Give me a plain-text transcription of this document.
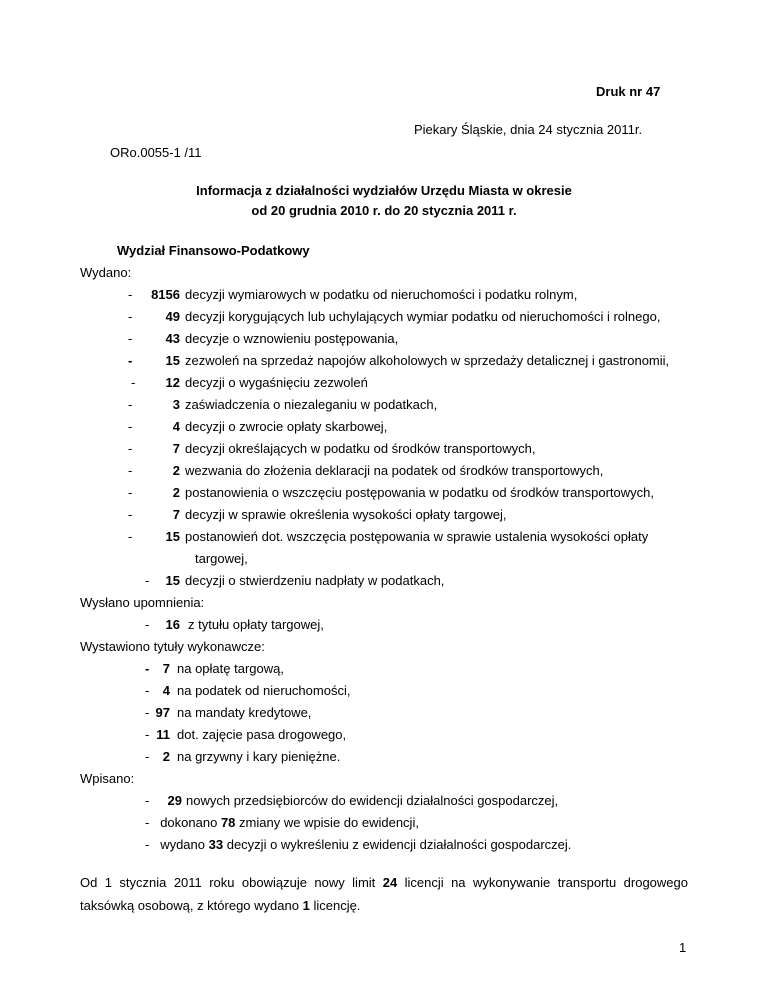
Druk nr 47
Piekary Śląskie, dnia 24 stycznia 2011r.
ORo.0055-1 /11
Informacja z działalności wydziałów Urzędu Miasta w okresie
od 20 grudnia 2010 r. do 20 stycznia 2011 r.
Wydział Finansowo-Podatkowy
Wydano:
-	8156 decyzji wymiarowych w podatku od nieruchomości i podatku rolnym,
-	49 decyzji korygujących lub uchylających wymiar podatku od nieruchomości i rolnego,
-	43 decyzje o wznowieniu postępowania,
-	15 zezwoleń na sprzedaż napojów alkoholowych w sprzedaży detalicznej i gastronomii,
-	12 decyzji o wygaśnięciu zezwoleń
-	3 zaświadczenia o niezaleganiu w podatkach,
-	4 decyzji o zwrocie opłaty skarbowej,
-	7 decyzji określających w podatku od środków transportowych,
-	2 wezwania do złożenia deklaracji na podatek od środków transportowych,
-	2 postanowienia o wszczęciu postępowania w podatku od środków transportowych,
-	7 decyzji w sprawie określenia wysokości opłaty targowej,
-	15 postanowień dot. wszczęcia postępowania w sprawie ustalenia wysokości opłaty
targowej,
-	15 decyzji o stwierdzeniu nadpłaty w podatkach,
Wysłano upomnienia:
-	16 z tytułu opłaty targowej,
Wystawiono tytuły wykonawcze:
-	7 na opłatę targową,
-	4 na podatek od nieruchomości,
- 97 na mandaty kredytowe,
- 11 dot. zajęcie pasa drogowego,
-	2 na grzywny i kary pieniężne.
Wpisano:
-	29 nowych przedsiębiorców do ewidencji działalności gospodarczej,
- dokonano 78 zmiany we wpisie do ewidencji,
- wydano 33 decyzji o wykreśleniu z ewidencji działalności gospodarczej.
Od 1 stycznia 2011 roku obowiązuje nowy limit 24 licencji na wykonywanie transportu drogowego
taksówką osobową, z którego wydano 1 licencję.
1
